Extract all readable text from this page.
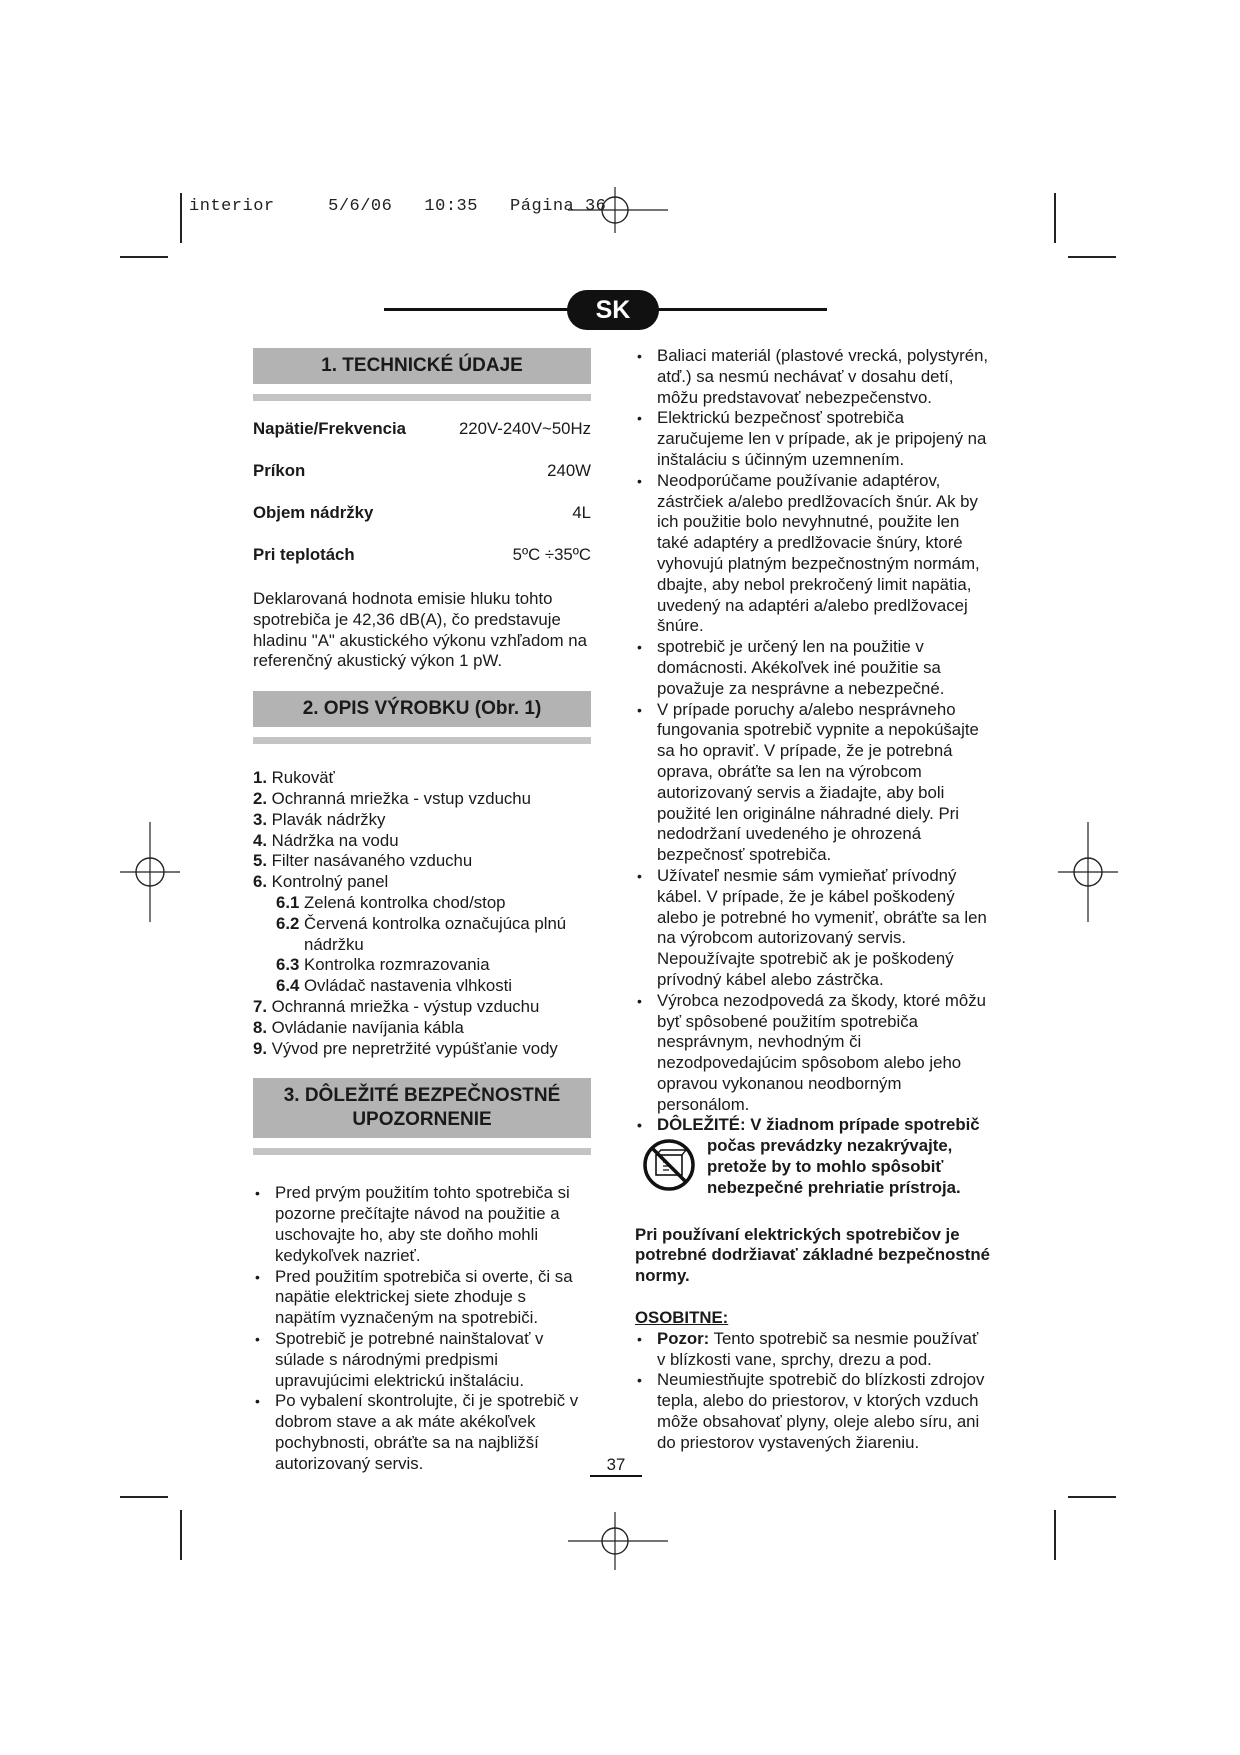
interior     5/6/06   10:35   Página 36
SK
1. TECHNICKÉ ÚDAJE
Napätie/Frekvencia	220V-240V~50Hz
Príkon	240W
Objem nádržky	4L
Pri teplotách	5ºC ÷35ºC

Deklarovaná hodnota emisie hluku tohto spotrebiča je 42,36 dB(A), čo predstavuje hladinu "A" akustického výkonu vzhľadom na referenčný akustický výkon 1 pW.

2. OPIS VÝROBKU (Obr. 1)
1. Rukoväť
2. Ochranná mriežka - vstup vzduchu
3. Plavák nádržky
4. Nádržka na vodu
5. Filter nasávaného vzduchu
6. Kontrolný panel
6.1 Zelená kontrolka chod/stop
6.2 Červená kontrolka označujúca plnú
nádržku
6.3 Kontrolka rozmrazovania
6.4 Ovládač nastavenia vlhkosti
7. Ochranná mriežka - výstup vzduchu
8. Ovládanie navíjania kábla
9. Vývod pre nepretržité vypúšťanie vody
3. DÔLEŽITÉ BEZPEČNOSTNÉ
UPOZORNENIE

• Pred prvým použitím tohto spotrebiča si pozorne prečítajte návod na použitie a uschovajte ho, aby ste doňho mohli kedykoľvek nazrieť.

• Pred použitím spotrebiča si overte, či sa napätie elektrickej siete zhoduje s napätím vyznačeným na spotrebiči.

• Spotrebič je potrebné nainštalovať v súlade s národnými predpismi upravujúcimi elektrickú inštaláciu.

• Po vybalení skontrolujte, či je spotrebič v dobrom stave a ak máte akékoľvek pochybnosti, obráťte sa na najbližší autorizovaný servis.

• Baliaci materiál (plastové vrecká, polystyrén, atď.) sa nesmú nechávať v dosahu detí, môžu predstavovať nebezpečenstvo.

• Elektrickú bezpečnosť spotrebiča zaručujeme len v prípade, ak je pripojený na inštaláciu s účinným uzemnením.

• Neodporúčame používanie adaptérov, zástrčiek a/alebo predlžovacích šnúr. Ak by ich použitie bolo nevyhnutné, použite len také adaptéry a predlžovacie šnúry, ktoré vyhovujú platným bezpečnostným normám, dbajte, aby nebol prekročený limit napätia, uvedený na adaptéri a/alebo predlžovacej šnúre.

• spotrebič je určený len na použitie v domácnosti. Akékoľvek iné použitie sa považuje za nesprávne a nebezpečné.

• V prípade poruchy a/alebo nesprávneho fungovania spotrebič vypnite a nepokúšajte sa ho opraviť. V prípade, že je potrebná oprava, obráťte sa len na výrobcom autorizovaný servis a žiadajte, aby boli použité len originálne náhradné diely. Pri nedodržaní uvedeného je ohrozená bezpečnosť spotrebiča.

• Užívateľ nesmie sám vymieňať prívodný kábel. V prípade, že je kábel poškodený alebo je potrebné ho vymeniť, obráťte sa len na výrobcom autorizovaný servis. Nepoužívajte spotrebič ak je poškodený prívodný kábel alebo zástrčka.

• Výrobca nezodpovedá za škody, ktoré môžu byť spôsobené použitím spotrebiča nesprávnym, nevhodným či nezodpovedajúcim spôsobom alebo jeho opravou vykonanou neodborným personálom.

• DÔLEŽITÉ: V žiadnom prípade spotrebič

počas prevádzky nezakrývajte, pretože by to mohlo spôsobiť nebezpečné prehriatie prístroja.

Pri používaní elektrických spotrebičov je potrebné dodržiavať základné bezpečnostné normy.

OSOBITNE:

• Pozor: Tento spotrebič sa nesmie používať v blízkosti vane, sprchy, drezu a pod.

• Neumiestňujte spotrebič do blízkosti zdrojov tepla, alebo do priestorov, v ktorých vzduch môže obsahovať plyny, oleje alebo síru, ani do priestorov vystavených žiareniu.

37
